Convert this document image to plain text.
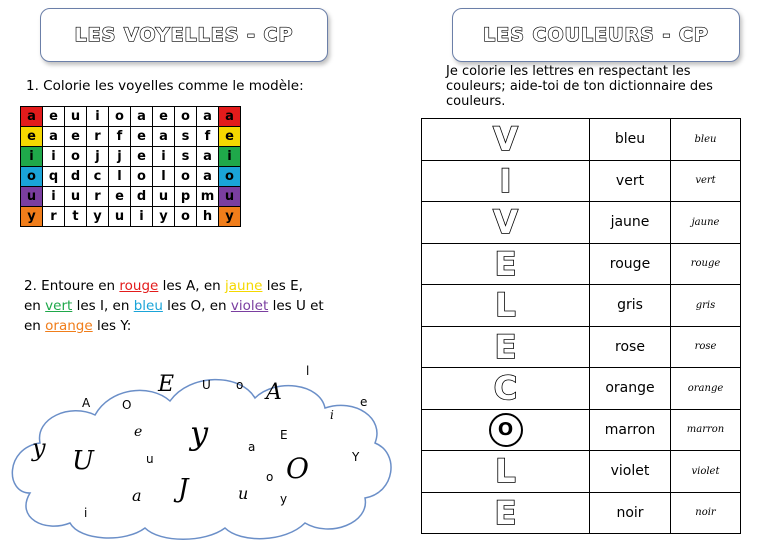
LES VOYELLES - CP	LES COULEURS - CP
1. Colorie les voyelles comme le modèle:
a	e	u	i	o	a	e	o	a	a
e	a	e	r	f	e	a	s	f	e
i	i	o	j	j	e	i	s	a	i
o	q	d	c	l	o	l	o	a	o
u	i	u	r	e	d	u	p	m	u
y	r	t	y	u	i	y	o	h	y
2. Entoure en rouge les A, en jaune les E, en vert les I, en bleu les O, en violet les U et en orange les Y:
A	O
E U o A
l
i
e
y U	u
e y	a
E
Y
o O
a J	u	y
i
Je colorie les lettres en respectant les couleurs; aide-toi de ton dictionnaire des couleurs.
V	bleu	bleu
I	vert	vert
V	jaune	jaune
E	rouge	rouge
L	gris	gris
E	rose	rose
C	orange	orange
O	marron	marron
L	violet	violet
E	noir	noir
